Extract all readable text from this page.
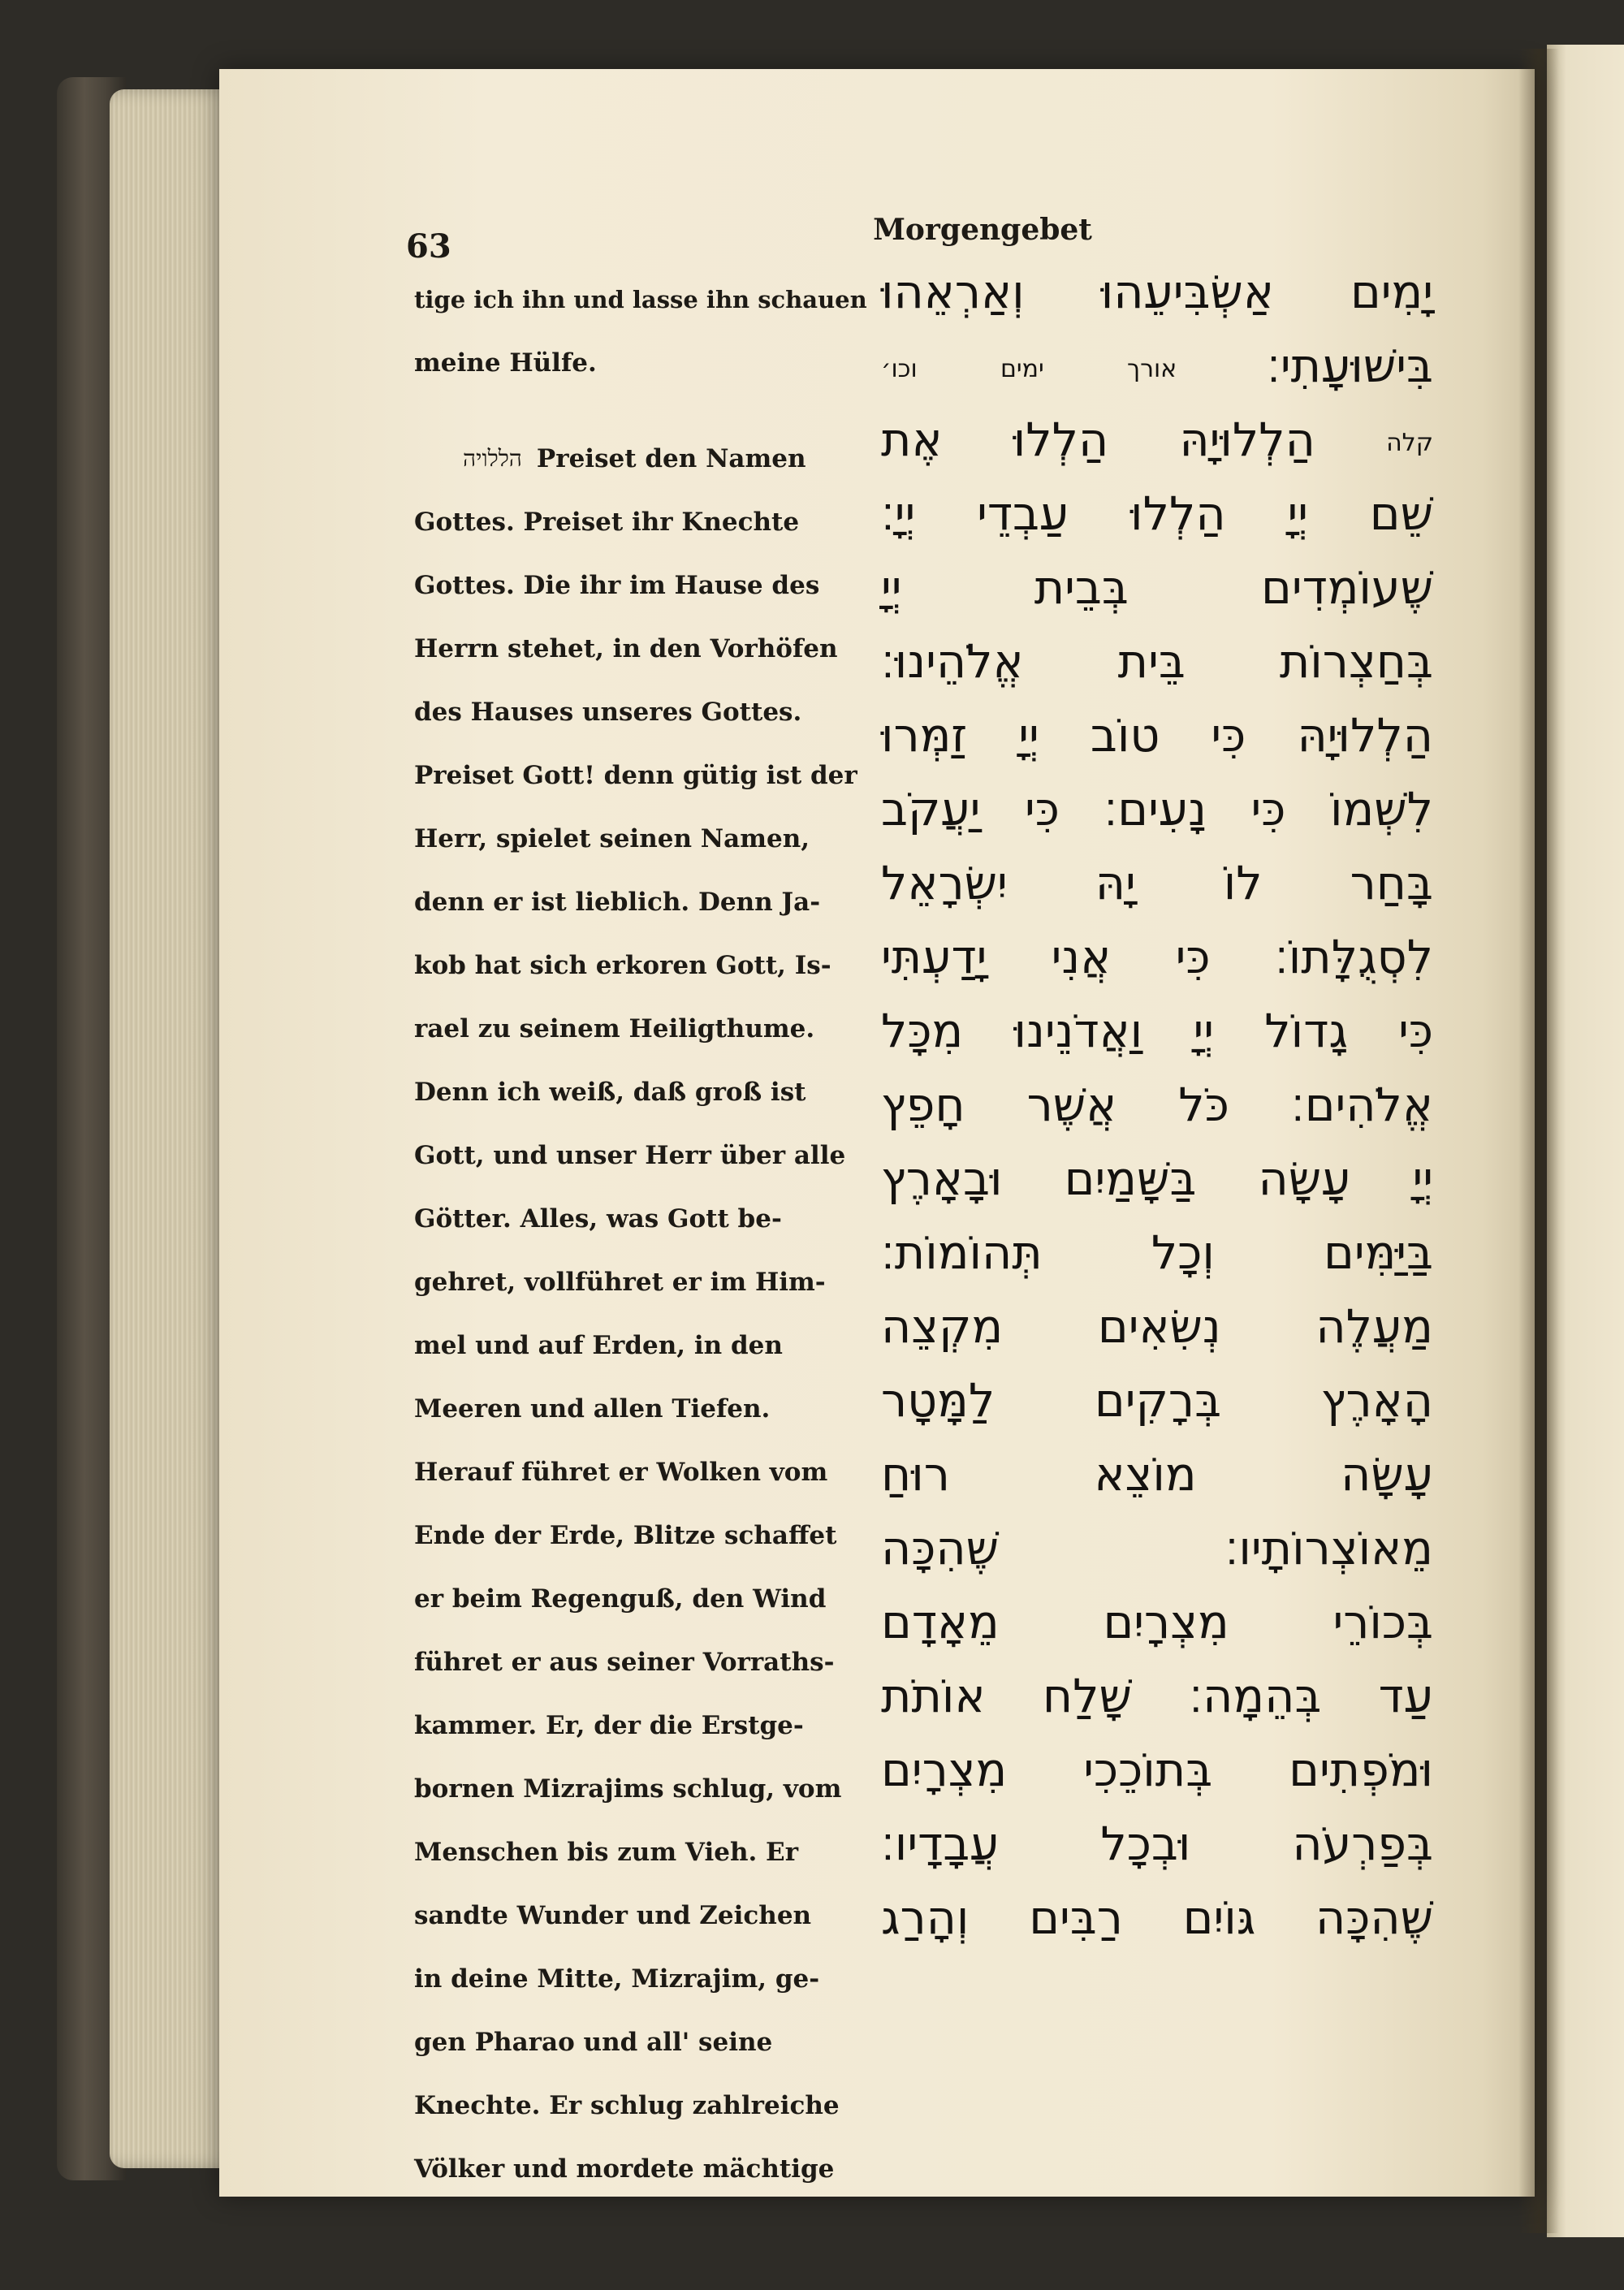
63	Morgengebet
tige ich ihn und lasse ihn schauen
meine Hülfe.
הללויה Preiset den Namen
Gottes. Preiset ihr Knechte
Gottes. Die ihr im Hause des
Herrn stehet, in den Vorhöfen
des Hauses unseres Gottes.
Preiset Gott! denn gütig ist der
Herr, spielet seinen Namen,
denn er ist lieblich. Denn Ja-
kob hat sich erkoren Gott, Is-
rael zu seinem Heiligthume.
Denn ich weiß, daß groß ist
Gott, und unser Herr über alle
Götter. Alles, was Gott be-
gehret, vollführet er im Him-
mel und auf Erden, in den
Meeren und allen Tiefen.
Herauf führet er Wolken vom
Ende der Erde, Blitze schaffet
er beim Regenguß, den Wind
führet er aus seiner Vorraths-
kammer. Er, der die Erstge-
bornen Mizrajims schlug, vom
Menschen bis zum Vieh. Er
sandte Wunder und Zeichen
in deine Mitte, Mizrajim, ge-
gen Pharao und all' seine
Knechte. Er schlug zahlreiche
Völker und mordete mächtige
יָמִים אַשְׂבִּיעֵהוּ וְאַרְאֵהוּ
בִּישׁוּעָתִי׃ אורך ימים וכו׳
קלה הַלְלוּיָהּ הַלְלוּ אֶת
שֵׁם יְיָ הַלְלוּ עַבְדֵי יְיָ׃
שֶׁעוֹמְדִים בְּבֵית יְיָ
בְּחַצְרוֹת בֵּית אֱלֹהֵינוּ׃
הַלְלוּיָהּ כִּי טוֹב יְיָ זַמְּרוּ
לִשְׁמוֹ כִּי נָעִים׃ כִּי יַעֲקֹב
בָּחַר לוֹ יָהּ יִשְׂרָאֵל
לִסְגֻלָּתוֹ׃ כִּי אֲנִי יָדַעְתִּי
כִּי גָדוֹל יְיָ וַאֲדֹנֵינוּ מִכָּל
אֱלֹהִים׃ כֹּל אֲשֶׁר חָפֵץ
יְיָ עָשָׂה בַּשָּׁמַיִם וּבָאָרֶץ
בַּיַּמִּים וְכָל תְּהוֹמוֹת׃
מַעֲלֶה נְשִׂאִים מִקְצֵה
הָאָרֶץ בְּרָקִים לַמָּטָר
עָשָׂה מוֹצֵא רוּחַ
מֵאוֹצְרוֹתָיו׃ שֶׁהִכָּה
בְּכוֹרֵי מִצְרָיִם מֵאָדָם
עַד בְּהֵמָה׃ שָׁלַח אוֹתֹת
וּמֹפְתִים בְּתוֹכֵכִי מִצְרָיִם
בְּפַרְעֹה וּבְכָל עֲבָדָיו׃
שֶׁהִכָּה גּוֹיִם רַבִּים וְהָרַג
